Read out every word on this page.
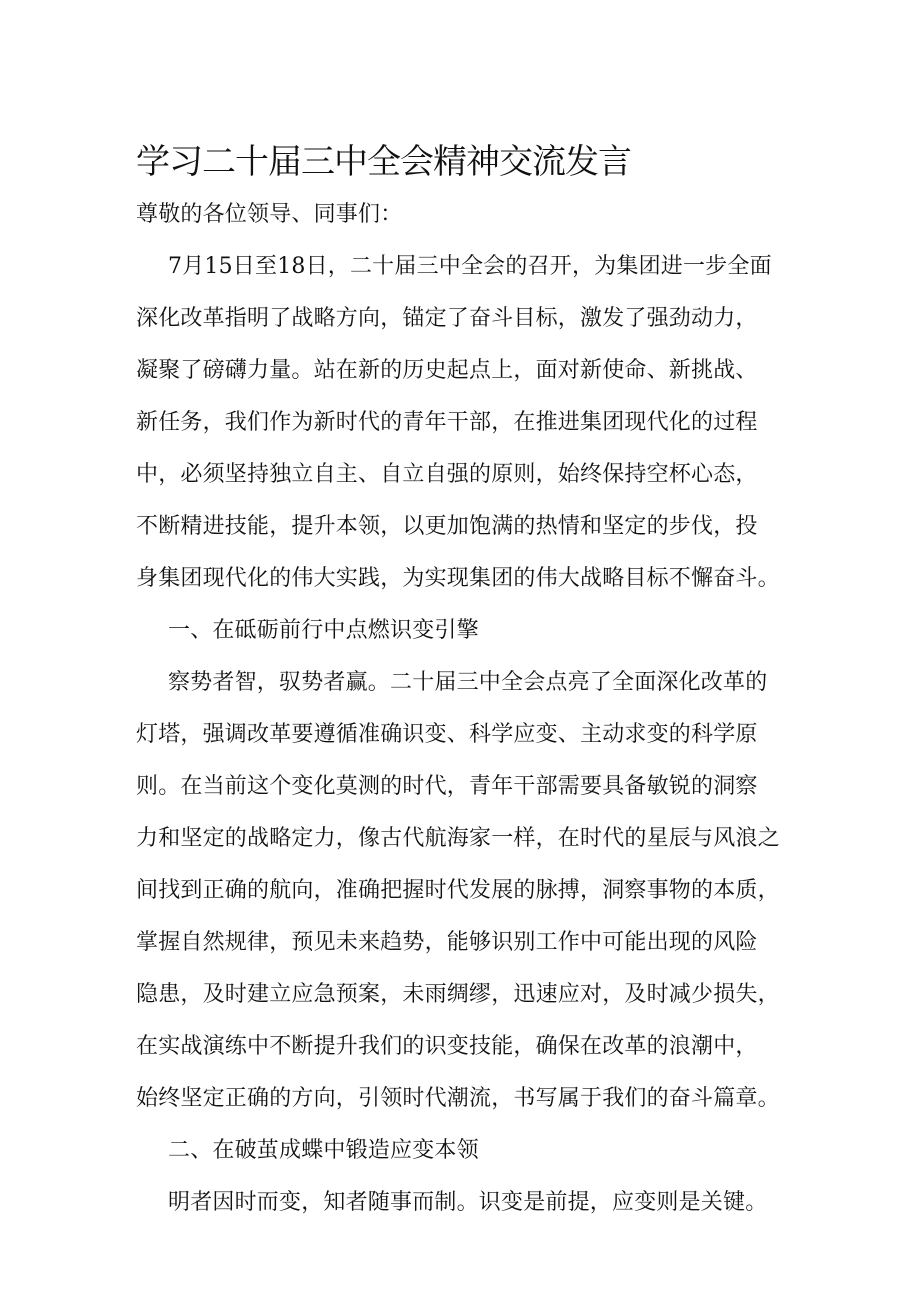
学习二十届三中全会精神交流发言
尊敬的各位领导、同事们：
7月15日至18日，二十届三中全会的召开，为集团进一步全面
深化改革指明了战略方向，锚定了奋斗目标，激发了强劲动力，
凝聚了磅礴力量。站在新的历史起点上，面对新使命、新挑战、
新任务，我们作为新时代的青年干部，在推进集团现代化的过程
中，必须坚持独立自主、自立自强的原则，始终保持空杯心态，
不断精进技能，提升本领，以更加饱满的热情和坚定的步伐，投
身集团现代化的伟大实践，为实现集团的伟大战略目标不懈奋斗。
一、在砥砺前行中点燃识变引擎
察势者智，驭势者赢。二十届三中全会点亮了全面深化改革的
灯塔，强调改革要遵循准确识变、科学应变、主动求变的科学原
则。在当前这个变化莫测的时代，青年干部需要具备敏锐的洞察
力和坚定的战略定力，像古代航海家一样，在时代的星辰与风浪之
间找到正确的航向，准确把握时代发展的脉搏，洞察事物的本质，
掌握自然规律，预见未来趋势，能够识别工作中可能出现的风险
隐患，及时建立应急预案，未雨绸缪，迅速应对，及时减少损失，
在实战演练中不断提升我们的识变技能，确保在改革的浪潮中，
始终坚定正确的方向，引领时代潮流，书写属于我们的奋斗篇章。
二、在破茧成蝶中锻造应变本领
明者因时而变，知者随事而制。识变是前提，应变则是关键。
